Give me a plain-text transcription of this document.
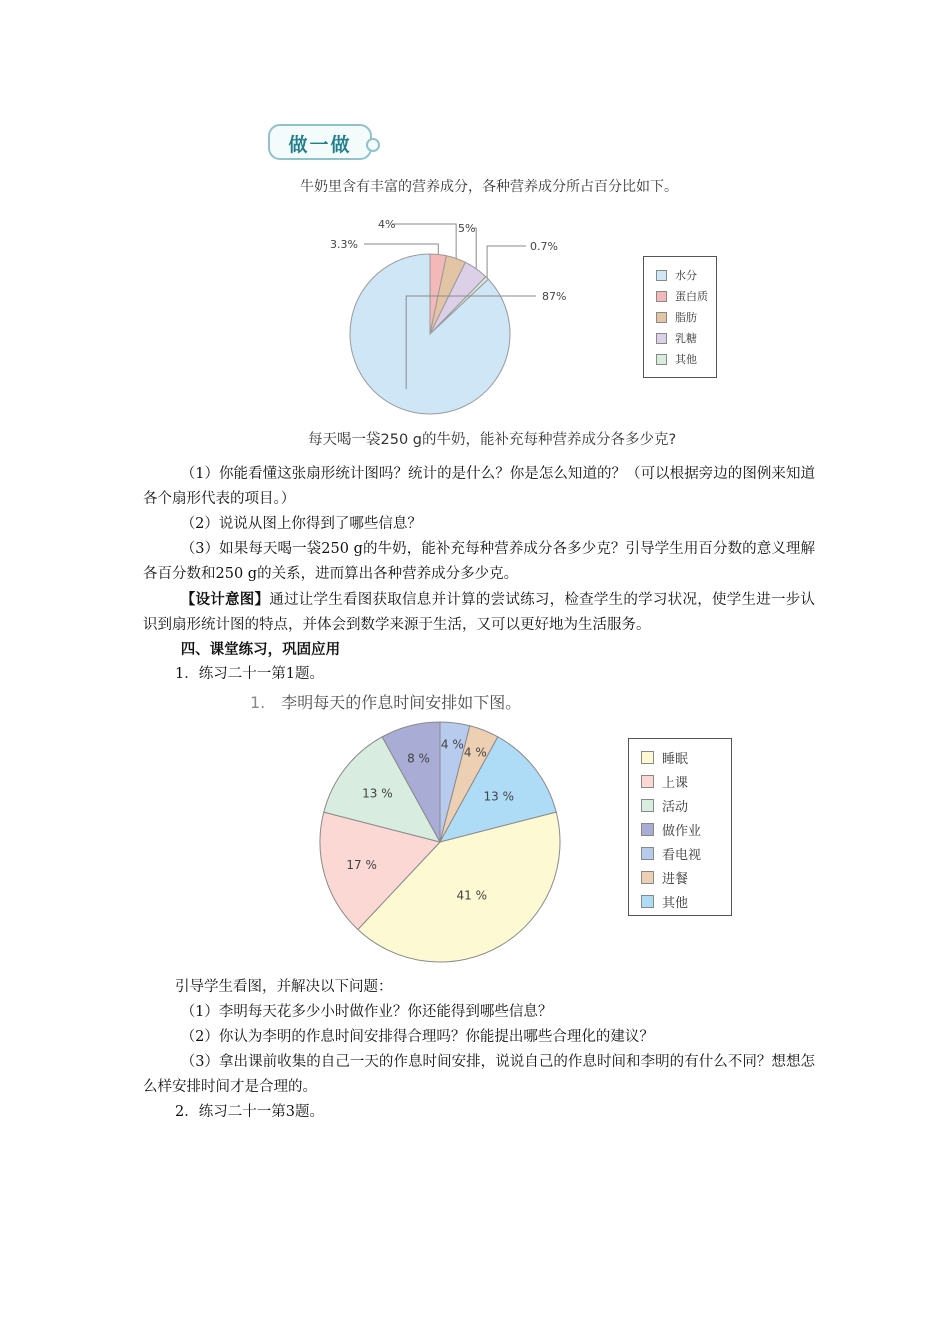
做一做
牛奶里含有丰富的营养成分，各种营养成分所占百分比如下。
87%
3.3%
4%	5%
0.7%
水分
蛋白质
脂肪
乳糖
其他
每天喝一袋250 g的牛奶，能补充每种营养成分各多少克?

（1）你能看懂这张扇形统计图吗？统计的是什么？你是怎么知道的？（可以根据旁边的图例来知道各个扇形代表的项目。）

（2）说说从图上你得到了哪些信息？

（3）如果每天喝一袋250 g的牛奶，能补充每种营养成分各多少克？引导学生用百分数的意义理解各百分数和250 g的关系，进而算出各种营养成分多少克。

【设计意图】通过让学生看图获取信息并计算的尝试练习，检查学生的学习状况，使学生进一步认识到扇形统计图的特点，并体会到数学来源于生活，又可以更好地为生活服务。

四、课堂练习，巩固应用

1．练习二十一第1题。

1. 李明每天的作息时间安排如下图。
4 %
4 %
13 %
41 %
17 %
13 %
8 %	睡眠
上课
活动
做作业
看电视
进餐
其他

引导学生看图，并解决以下问题：

（1）李明每天花多少小时做作业？你还能得到哪些信息？

（2）你认为李明的作息时间安排得合理吗？你能提出哪些合理化的建议？

（3）拿出课前收集的自己一天的作息时间安排，说说自己的作息时间和李明的有什么不同？想想怎么样安排时间才是合理的。

2．练习二十一第3题。
